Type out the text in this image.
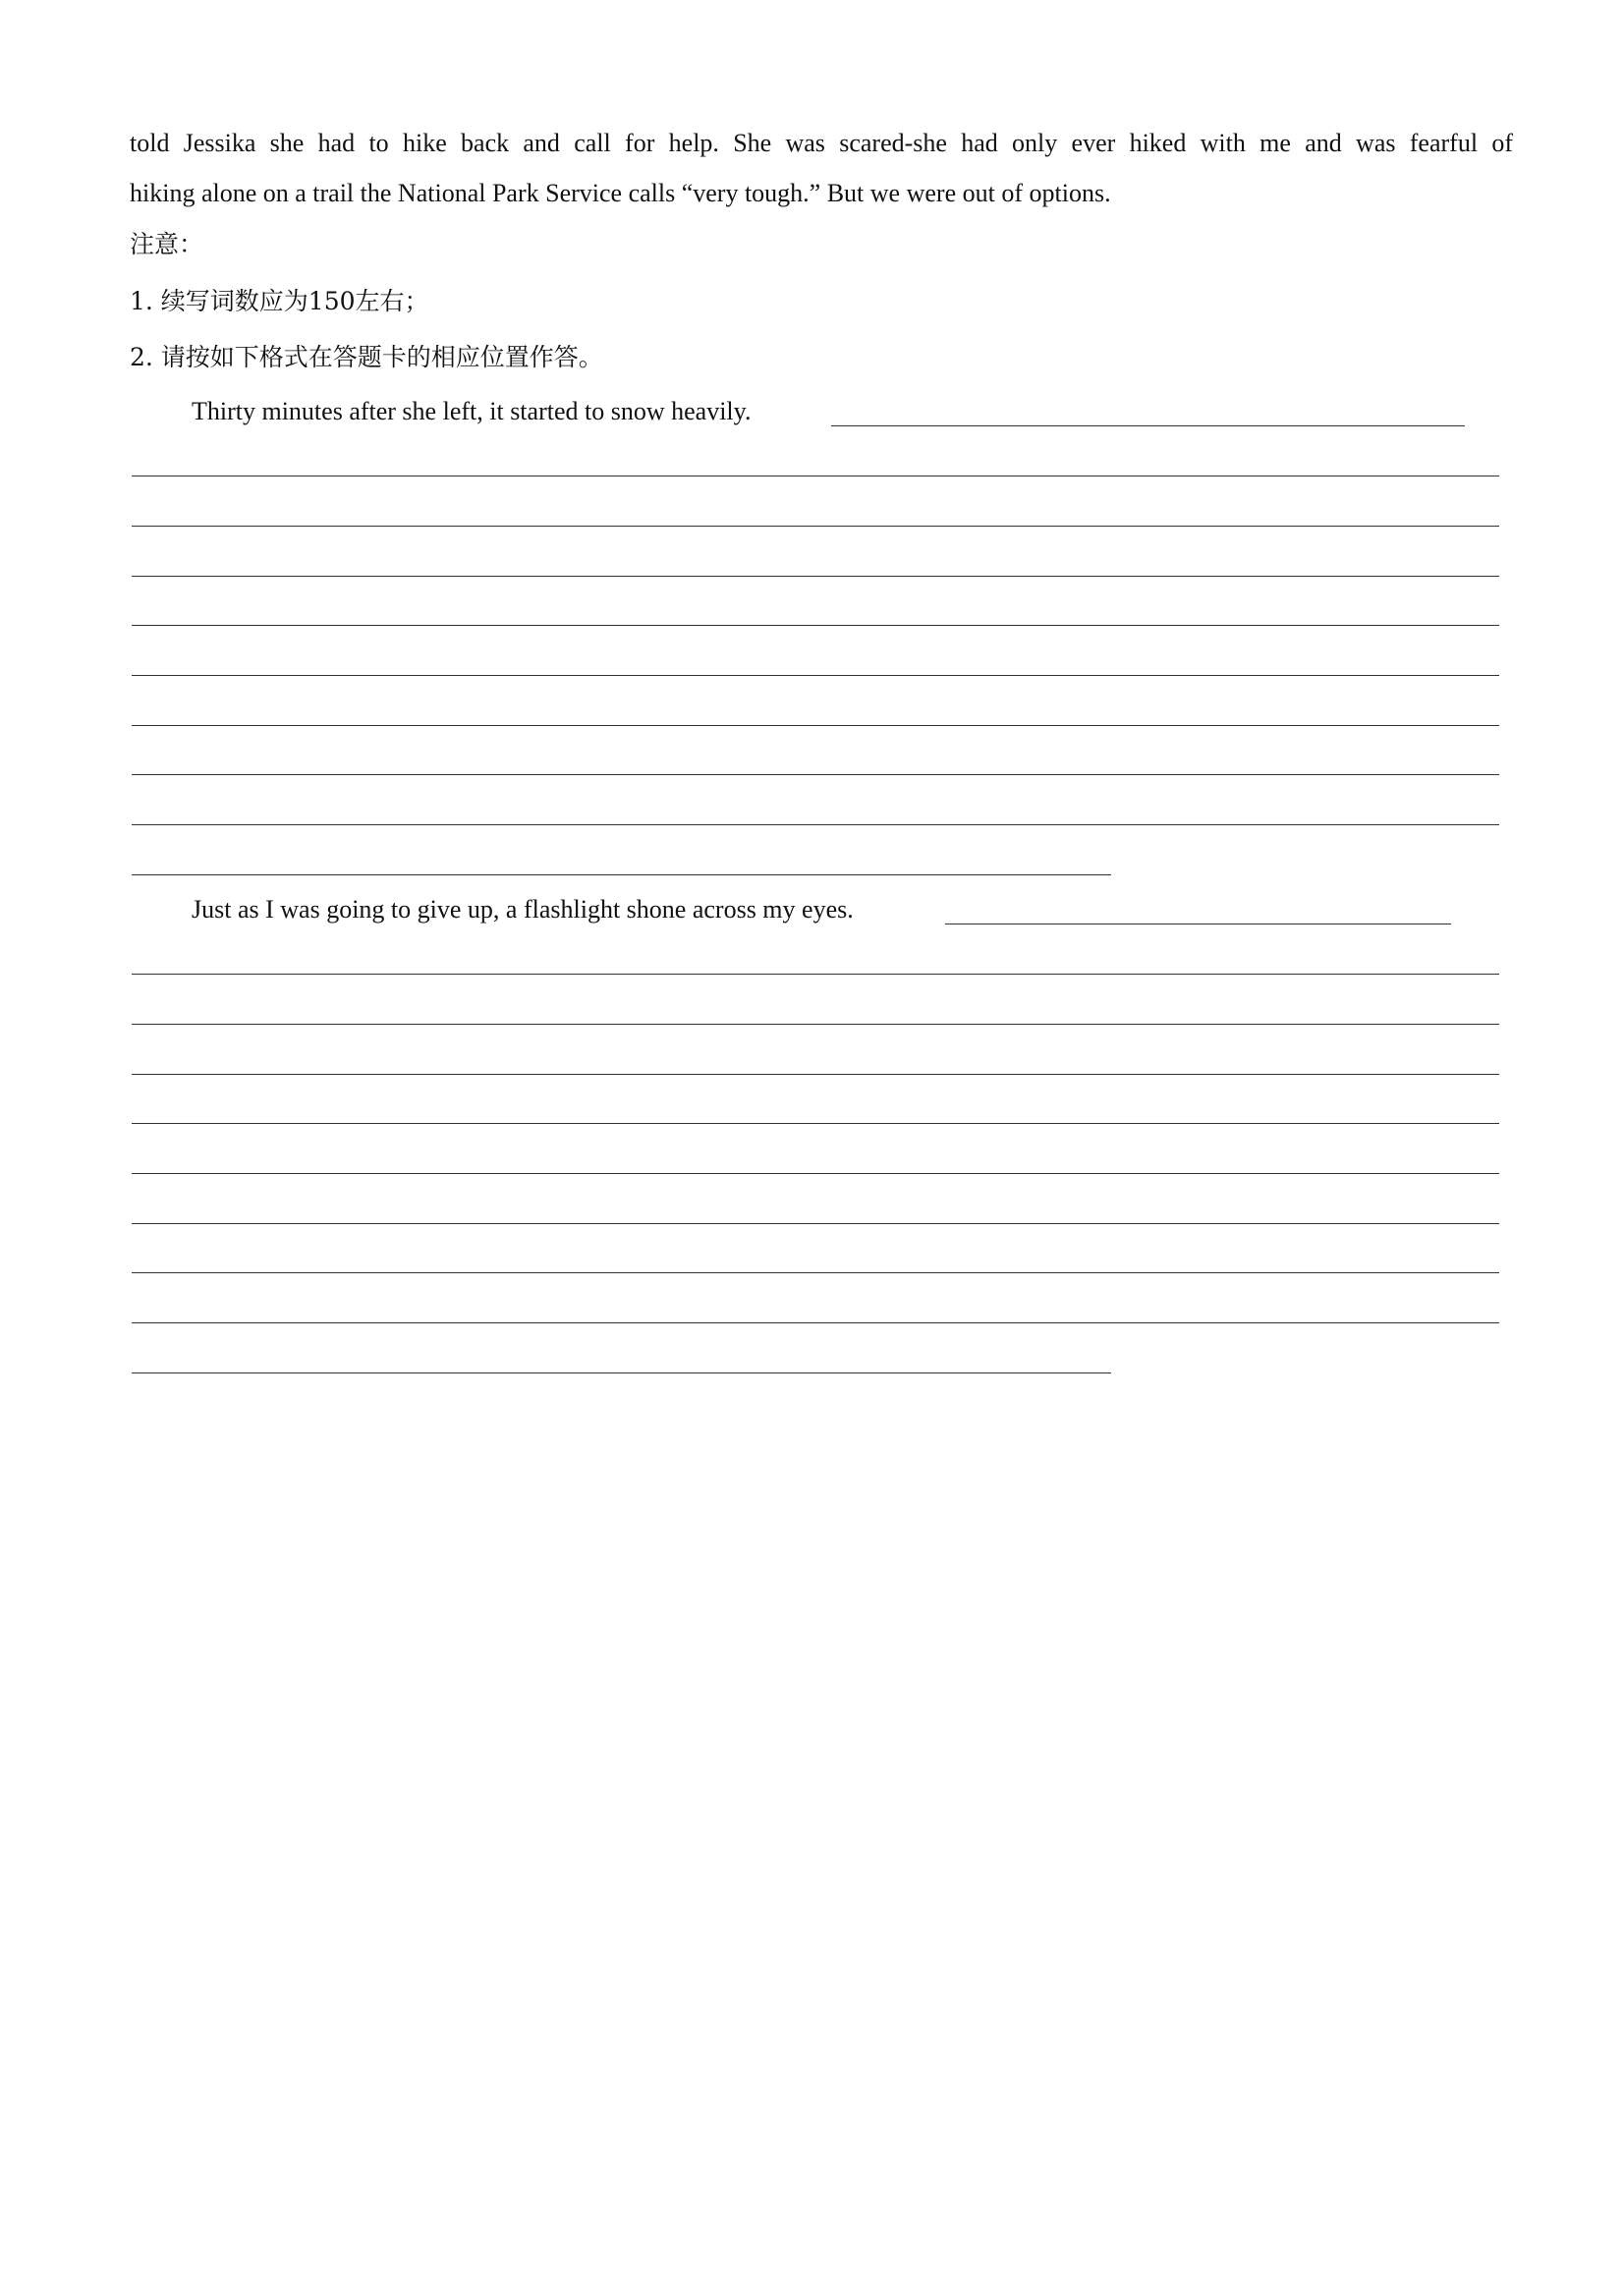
told Jessika she had to hike back and call for help. She was scared-she had only ever hiked with me and was fearful of
hiking alone on a trail the National Park Service calls “very tough.” But we were out of options.
注意：
1. 续写词数应为150左右；
2. 请按如下格式在答题卡的相应位置作答。
Thirty minutes after she left, it started to snow heavily.
Just as I was going to give up, a flashlight shone across my eyes.
